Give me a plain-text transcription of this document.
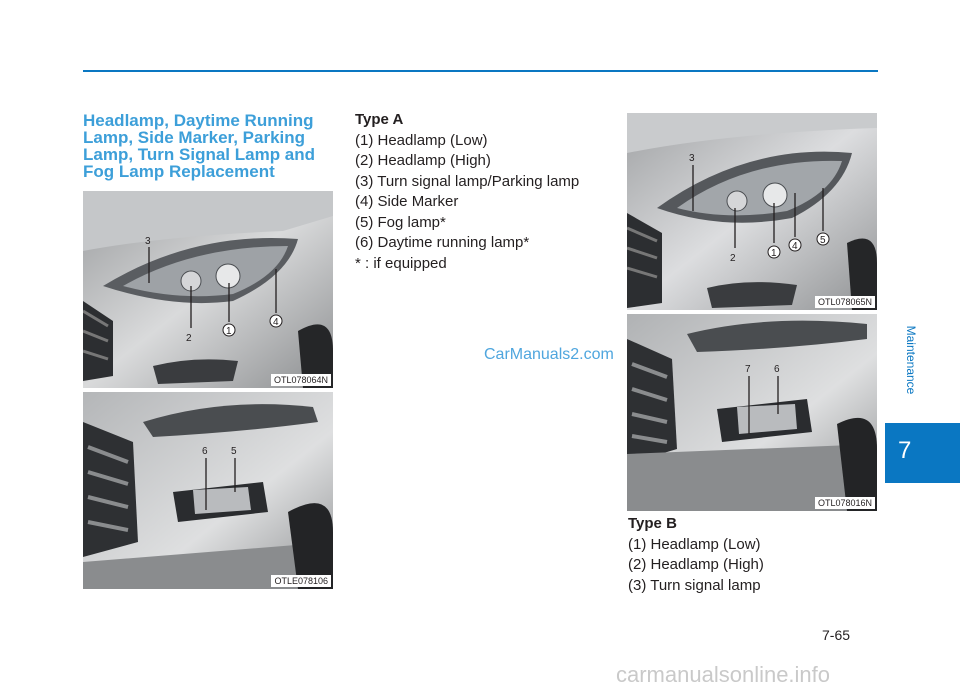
Headlamp, Daytime Running
Lamp, Side Marker, Parking
Lamp, Turn Signal Lamp and
Fog Lamp Replacement
3
2
1
4
OTL078064N
6 5
OTLE078106
Type A
(1) Headlamp (Low)
(2) Headlamp (High)
(3) Turn signal lamp/Parking lamp
(4) Side Marker
(5) Fog lamp*
(6) Daytime running lamp*
* : if equipped
3
2	1
4
5
OTL078065N
7 6
OTL078016N
Type B
(1) Headlamp (Low)
(2) Headlamp (High)
(3) Turn signal lamp
Maintenance
7
CarManuals2.com
7-65
carmanualsonline.info
